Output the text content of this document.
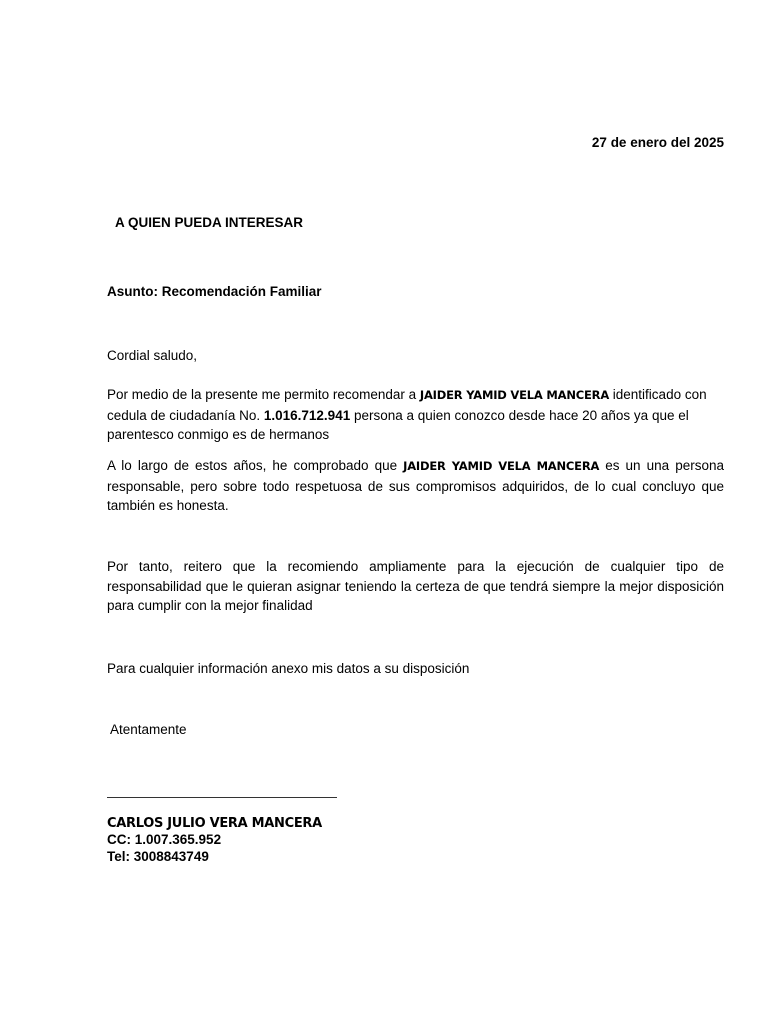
27 de enero del 2025
A QUIEN PUEDA INTERESAR
Asunto: Recomendación Familiar
Cordial saludo,
Por medio de la presente me permito recomendar a JAIDER YAMID VELA MANCERA identificado con cedula de ciudadanía No. 1.016.712.941 persona a quien conozco desde hace 20 años ya que el parentesco conmigo es de hermanos
A lo largo de estos años, he comprobado que JAIDER YAMID VELA MANCERA es un una persona responsable, pero sobre todo respetuosa de sus compromisos adquiridos, de lo cual concluyo que también es honesta.
Por tanto, reitero que la recomiendo ampliamente para la ejecución de cualquier tipo de responsabilidad que le quieran asignar teniendo la certeza de que tendrá siempre la mejor disposición para cumplir con la mejor finalidad
Para cualquier información anexo mis datos a su disposición
Atentamente
CARLOS JULIO VERA MANCERA
CC: 1.007.365.952
Tel: 3008843749
